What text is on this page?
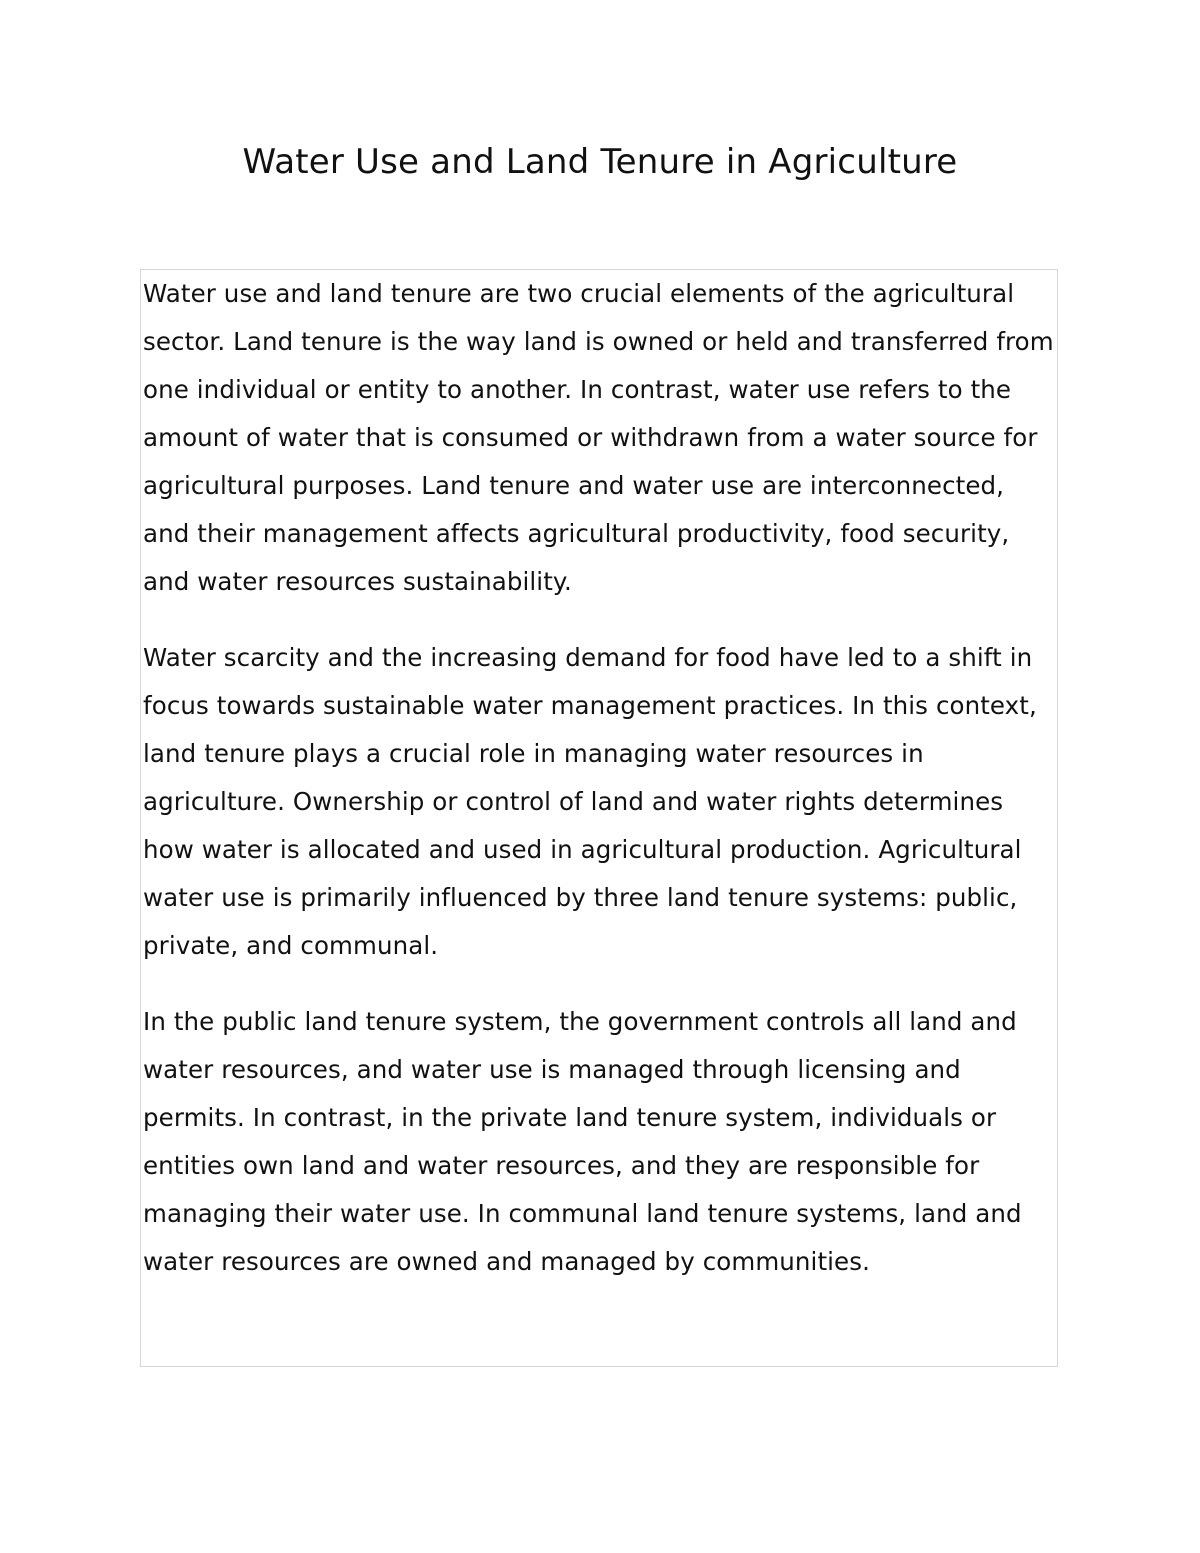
Water Use and Land Tenure in Agriculture

Water use and land tenure are two crucial elements of the agricultural sector. Land tenure is the way land is owned or held and transferred from one individual or entity to another. In contrast, water use refers to the amount of water that is consumed or withdrawn from a water source for agricultural purposes. Land tenure and water use are interconnected, and their management affects agricultural productivity, food security, and water resources sustainability.

Water scarcity and the increasing demand for food have led to a shift in focus towards sustainable water management practices. In this context, land tenure plays a crucial role in managing water resources in agriculture. Ownership or control of land and water rights determines how water is allocated and used in agricultural production. Agricultural water use is primarily influenced by three land tenure systems: public, private, and communal.

In the public land tenure system, the government controls all land and water resources, and water use is managed through licensing and permits. In contrast, in the private land tenure system, individuals or entities own land and water resources, and they are responsible for managing their water use. In communal land tenure systems, land and water resources are owned and managed by communities.
